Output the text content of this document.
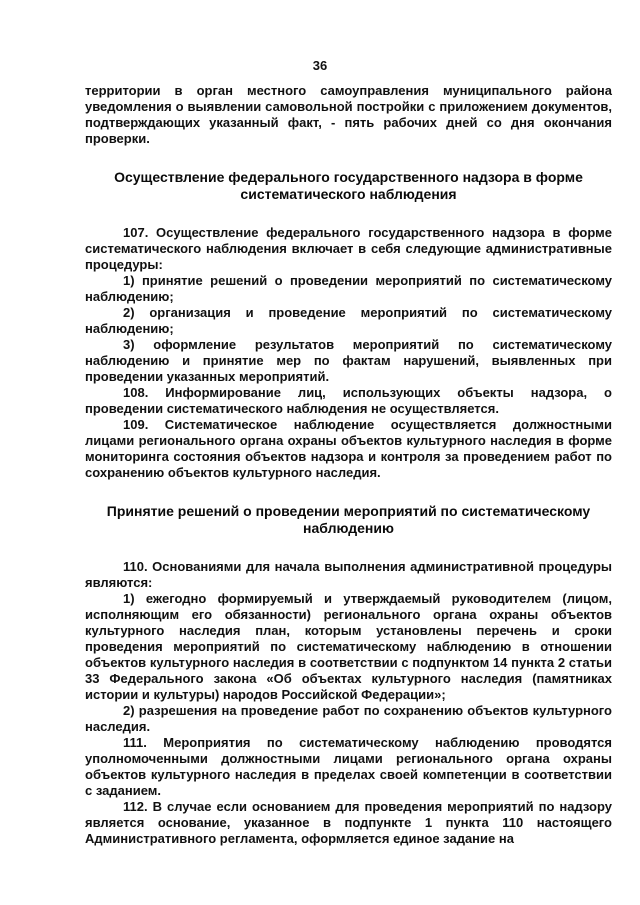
36

территории в орган местного самоуправления муниципального района уведомления о выявлении самовольной постройки с приложением документов, подтверждающих указанный факт, - пять рабочих дней со дня окончания проверки.

Осуществление федерального государственного надзора в форме систематического наблюдения

107. Осуществление федерального государственного надзора в форме систематического наблюдения включает в себя следующие административные процедуры:

1) принятие решений о проведении мероприятий по систематическому наблюдению;

2) организация и проведение мероприятий по систематическому наблюдению;

3) оформление результатов мероприятий по систематическому наблюдению и принятие мер по фактам нарушений, выявленных при проведении указанных мероприятий.

108. Информирование лиц, использующих объекты надзора, о проведении систематического наблюдения не осуществляется.

109. Систематическое наблюдение осуществляется должностными лицами регионального органа охраны объектов культурного наследия в форме мониторинга состояния объектов надзора и контроля за проведением работ по сохранению объектов культурного наследия.

Принятие решений о проведении мероприятий по систематическому наблюдению

110. Основаниями для начала выполнения административной процедуры являются:

1) ежегодно формируемый и утверждаемый руководителем (лицом, исполняющим его обязанности) регионального органа охраны объектов культурного наследия план, которым установлены перечень и сроки проведения мероприятий по систематическому наблюдению в отношении объектов культурного наследия в соответствии с подпунктом 14 пункта 2 статьи 33 Федерального закона «Об объектах культурного наследия (памятниках истории и культуры) народов Российской Федерации»;

2) разрешения на проведение работ по сохранению объектов культурного наследия.

111. Мероприятия по систематическому наблюдению проводятся уполномоченными должностными лицами регионального органа охраны объектов культурного наследия в пределах своей компетенции в соответствии с заданием.

112. В случае если основанием для проведения мероприятий по надзору является основание, указанное в подпункте 1 пункта 110 настоящего Административного регламента, оформляется единое задание на
